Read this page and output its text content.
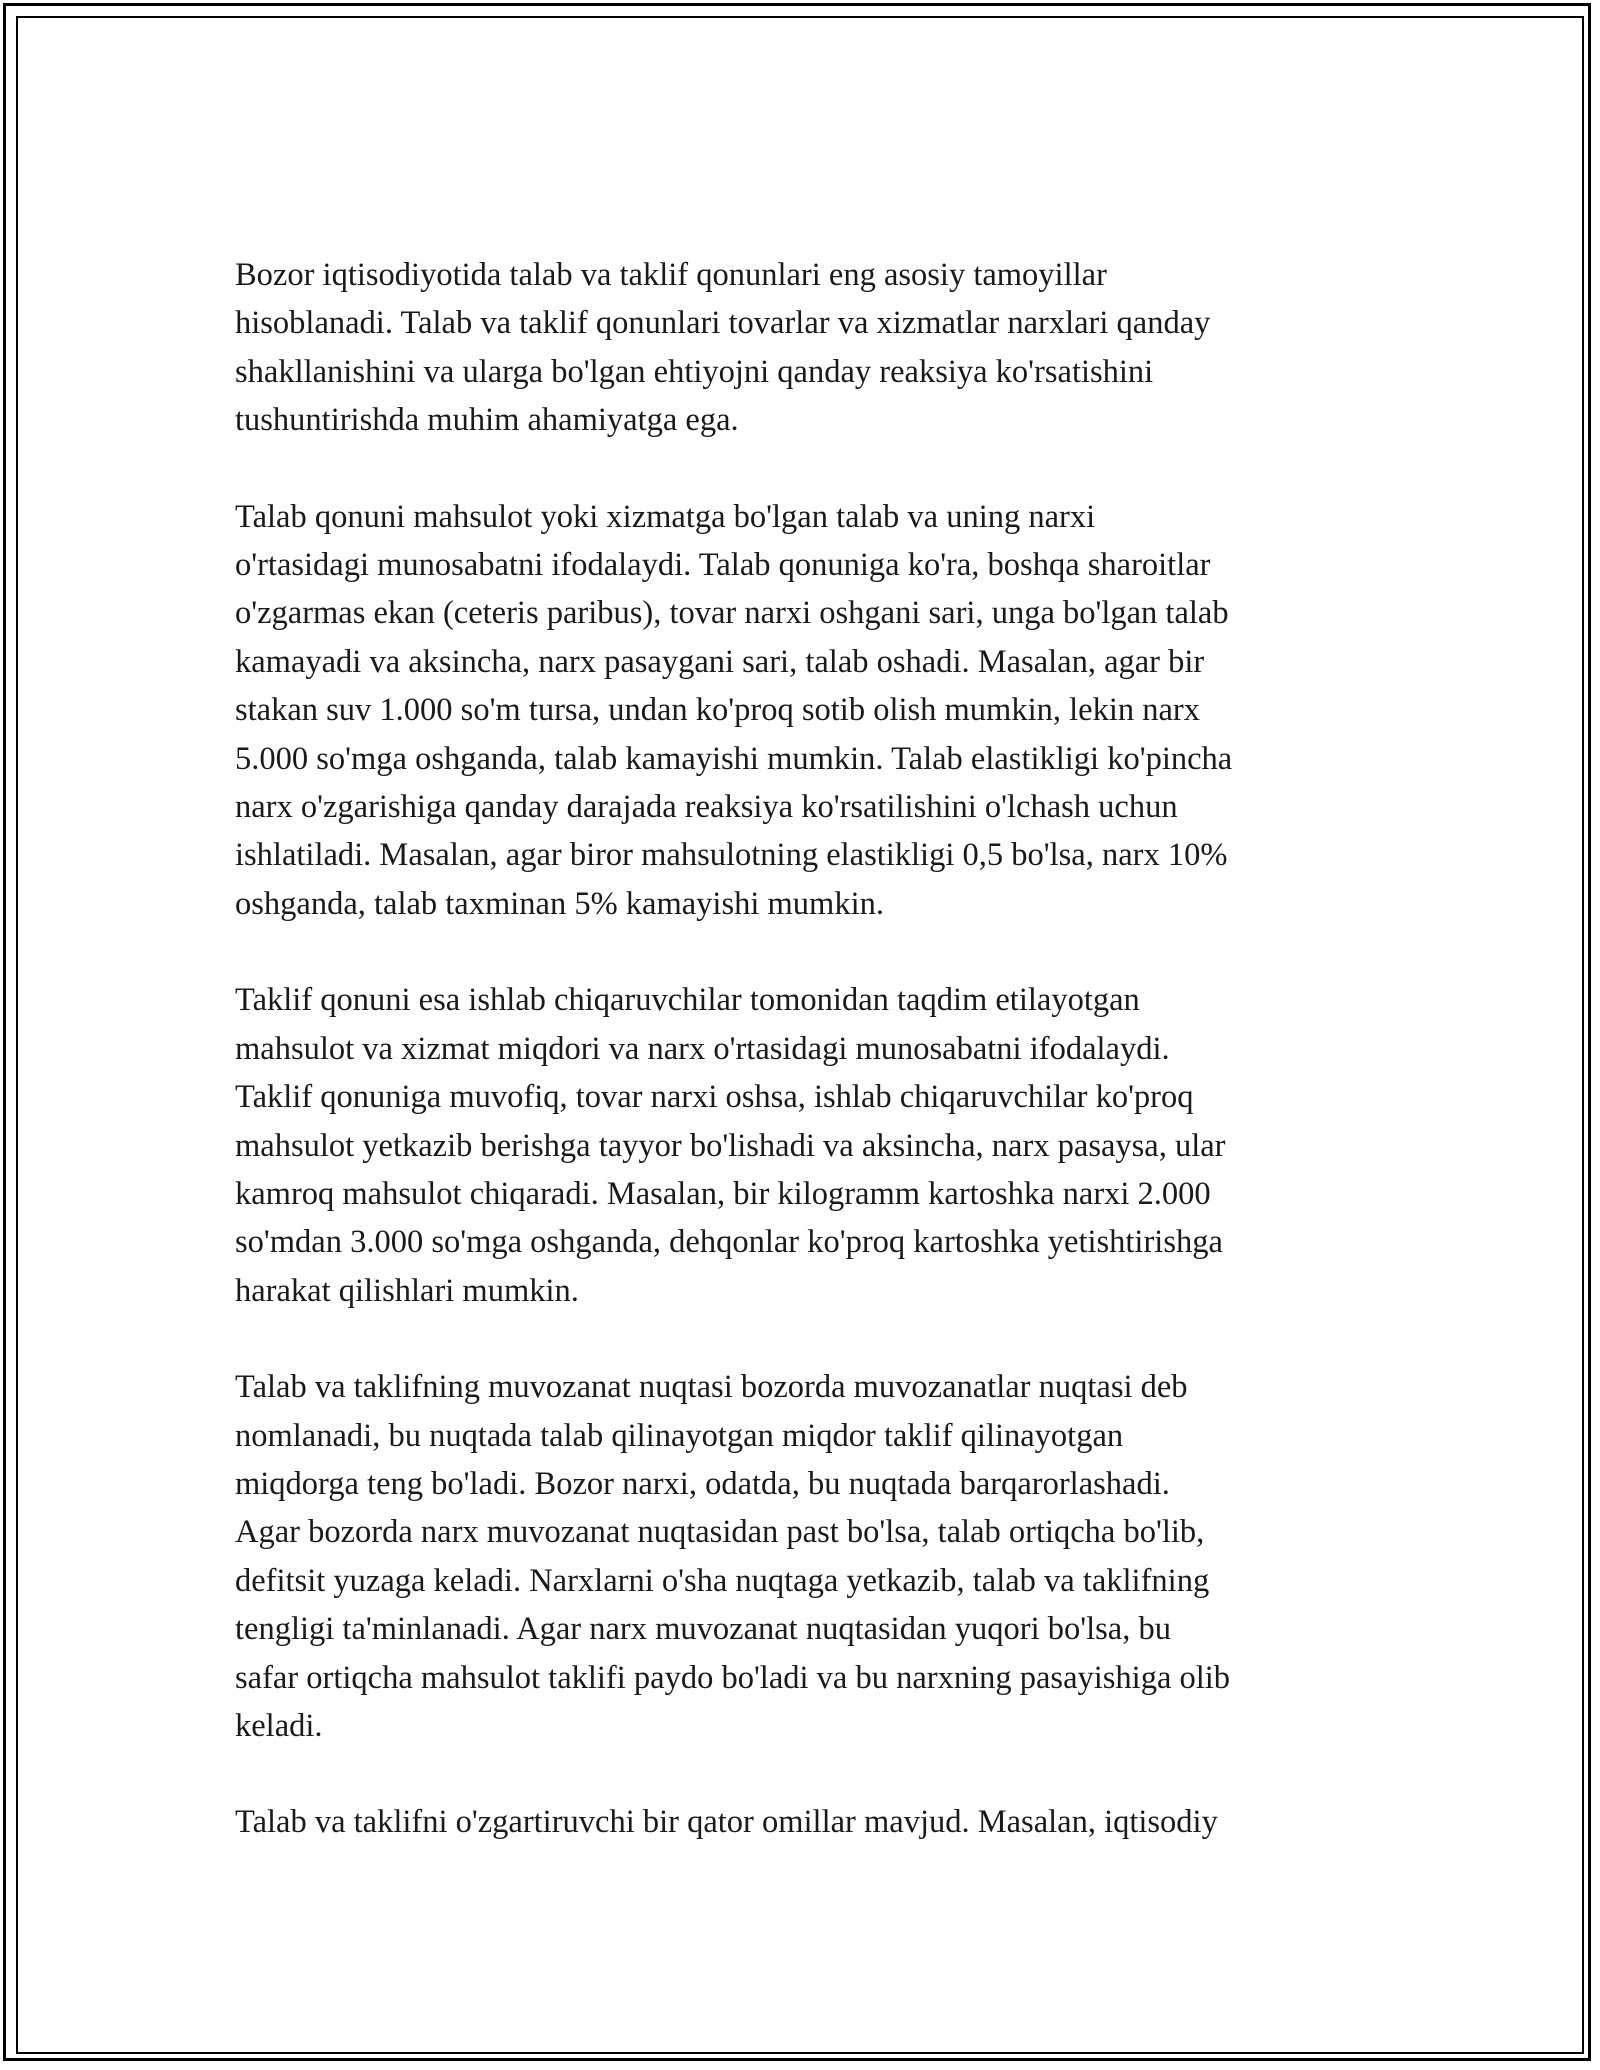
Bozor iqtisodiyotida talab va taklif qonunlari eng asosiy tamoyillar
hisoblanadi. Talab va taklif qonunlari tovarlar va xizmatlar narxlari qanday
shakllanishini va ularga bo'lgan ehtiyojni qanday reaksiya ko'rsatishini
tushuntirishda muhim ahamiyatga ega.

Talab qonuni mahsulot yoki xizmatga bo'lgan talab va uning narxi
o'rtasidagi munosabatni ifodalaydi. Talab qonuniga ko'ra, boshqa sharoitlar
o'zgarmas ekan (ceteris paribus), tovar narxi oshgani sari, unga bo'lgan talab
kamayadi va aksincha, narx pasaygani sari, talab oshadi. Masalan, agar bir
stakan suv 1.000 so'm tursa, undan ko'proq sotib olish mumkin, lekin narx
5.000 so'mga oshganda, talab kamayishi mumkin. Talab elastikligi ko'pincha
narx o'zgarishiga qanday darajada reaksiya ko'rsatilishini o'lchash uchun
ishlatiladi. Masalan, agar biror mahsulotning elastikligi 0,5 bo'lsa, narx 10%
oshganda, talab taxminan 5% kamayishi mumkin.

Taklif qonuni esa ishlab chiqaruvchilar tomonidan taqdim etilayotgan
mahsulot va xizmat miqdori va narx o'rtasidagi munosabatni ifodalaydi.
Taklif qonuniga muvofiq, tovar narxi oshsa, ishlab chiqaruvchilar ko'proq
mahsulot yetkazib berishga tayyor bo'lishadi va aksincha, narx pasaysa, ular
kamroq mahsulot chiqaradi. Masalan, bir kilogramm kartoshka narxi 2.000
so'mdan 3.000 so'mga oshganda, dehqonlar ko'proq kartoshka yetishtirishga
harakat qilishlari mumkin.

Talab va taklifning muvozanat nuqtasi bozorda muvozanatlar nuqtasi deb
nomlanadi, bu nuqtada talab qilinayotgan miqdor taklif qilinayotgan
miqdorga teng bo'ladi. Bozor narxi, odatda, bu nuqtada barqarorlashadi.
Agar bozorda narx muvozanat nuqtasidan past bo'lsa, talab ortiqcha bo'lib,
defitsit yuzaga keladi. Narxlarni o'sha nuqtaga yetkazib, talab va taklifning
tengligi ta'minlanadi. Agar narx muvozanat nuqtasidan yuqori bo'lsa, bu
safar ortiqcha mahsulot taklifi paydo bo'ladi va bu narxning pasayishiga olib
keladi.

Talab va taklifni o'zgartiruvchi bir qator omillar mavjud. Masalan, iqtisodiy
